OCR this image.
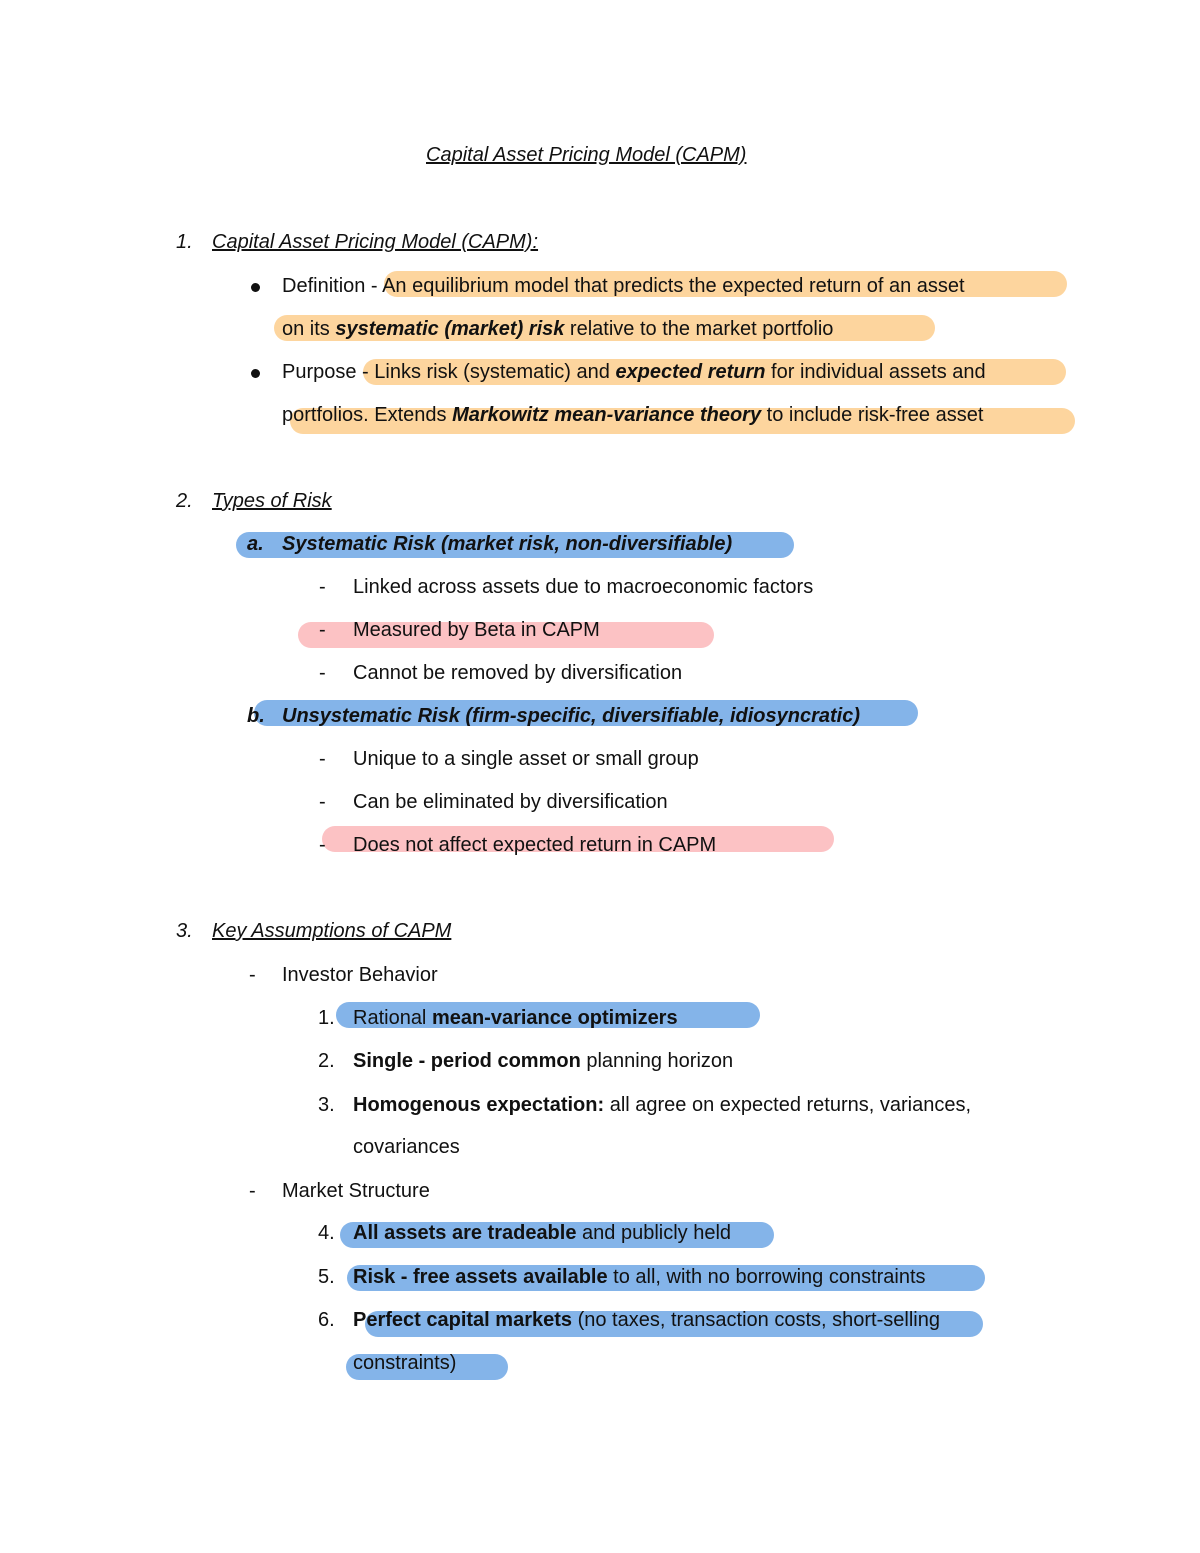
Capital Asset Pricing Model (CAPM)
1. Capital Asset Pricing Model (CAPM):
Definition - An equilibrium model that predicts the expected return of an asset
on its systematic (market) risk relative to the market portfolio
Purpose - Links risk (systematic) and expected return for individual assets and
portfolios. Extends Markowitz mean-variance theory to include risk-free asset
2. Types of Risk
a. Systematic Risk (market risk, non-diversifiable)
- Linked across assets due to macroeconomic factors
- Measured by Beta in CAPM
- Cannot be removed by diversification
b. Unsystematic Risk (firm-specific, diversifiable, idiosyncratic)
- Unique to a single asset or small group
- Can be eliminated by diversification
- Does not affect expected return in CAPM
3. Key Assumptions of CAPM
- Investor Behavior
1. Rational mean-variance optimizers
2. Single - period common planning horizon
3. Homogenous expectation: all agree on expected returns, variances,
covariances
- Market Structure
4. All assets are tradeable and publicly held
5. Risk - free assets available to all, with no borrowing constraints
6. Perfect capital markets (no taxes, transaction costs, short-selling
constraints)
